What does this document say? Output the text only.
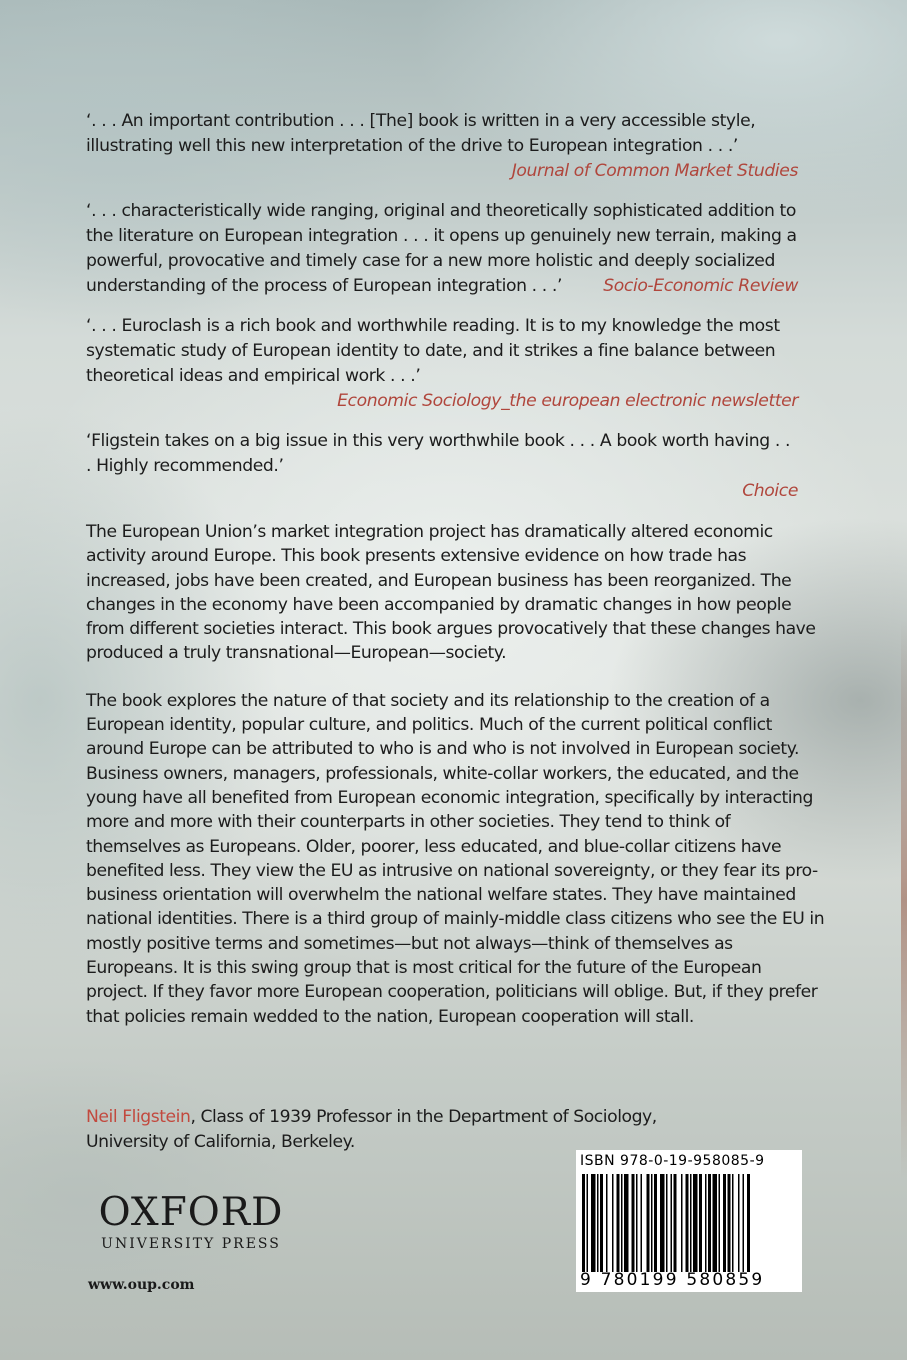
‘. . . An important contribution . . . [The] book is written in a very accessible style, illustrating well this new interpretation of the drive to European integration . . .’
Journal of Common Market Studies
‘. . . characteristically wide ranging, original and theoretically sophisticated addition to the literature on European integration . . . it opens up genuinely new terrain, making a powerful, provocative and timely case for a new more holistic and deeply socialized understanding of the process of European integration . . .’ Socio-Economic Review
‘. . . Euroclash is a rich book and worthwhile reading. It is to my knowledge the most systematic study of European identity to date, and it strikes a fine balance between theoretical ideas and empirical work . . .’
Economic Sociology_the european electronic newsletter
‘Fligstein takes on a big issue in this very worthwhile book . . . A book worth having . . . Highly recommended.’
Choice

The European Union’s market integration project has dramatically altered economic activity around Europe. This book presents extensive evidence on how trade has increased, jobs have been created, and European business has been reorganized. The changes in the economy have been accompanied by dramatic changes in how people from different societies interact. This book argues provocatively that these changes have produced a truly transnational—European—society.

The book explores the nature of that society and its relationship to the creation of a European identity, popular culture, and politics. Much of the current political conflict around Europe can be attributed to who is and who is not involved in European society. Business owners, managers, professionals, white-collar workers, the educated, and the young have all benefited from European economic integration, specifically by interacting more and more with their counterparts in other societies. They tend to think of themselves as Europeans. Older, poorer, less educated, and blue-collar citizens have benefited less. They view the EU as intrusive on national sovereignty, or they fear its pro-business orientation will overwhelm the national welfare states. They have maintained national identities. There is a third group of mainly-middle class citizens who see the EU in mostly positive terms and sometimes—but not always—think of themselves as Europeans. It is this swing group that is most critical for the future of the European project. If they favor more European cooperation, politicians will oblige. But, if they prefer that policies remain wedded to the nation, European cooperation will stall.

Neil Fligstein, Class of 1939 Professor in the Department of Sociology,
University of California, Berkeley.
OXFORD
UNIVERSITY PRESS
www.oup.com
ISBN 978-0-19-958085-9
9 780199 580859
